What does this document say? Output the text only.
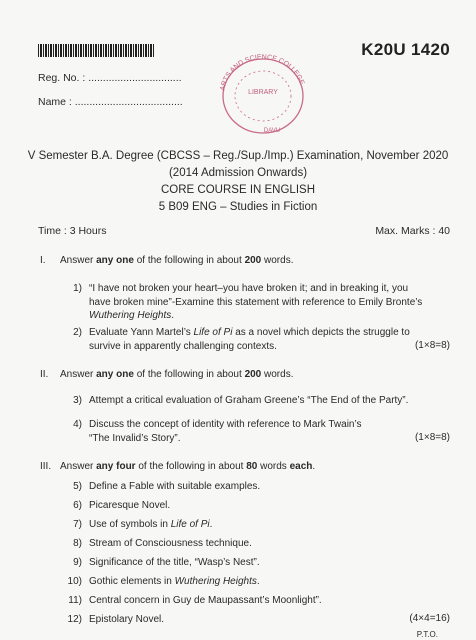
K20U 1420
Reg. No. : ................................
Name : .....................................
ARTS AND SCIENCE COLLEGE
LIBRARY
DAVU
V Semester B.A. Degree (CBCSS – Reg./Sup./Imp.) Examination, November 2020
(2014 Admission Onwards)
CORE COURSE IN ENGLISH
5 B09 ENG – Studies in Fiction
Time : 3 Hours	Max. Marks : 40
I. Answer any one of the following in about 200 words.
1) “I have not broken your heart–you have broken it; and in breaking it, you
have broken mine”-Examine this statement with reference to Emily Bronte’s
Wuthering Heights.
2) Evaluate Yann Martel’s Life of Pi as a novel which depicts the struggle to
survive in apparently challenging contexts.	(1×8=8)
II. Answer any one of the following in about 200 words.
3) Attempt a critical evaluation of Graham Greene’s “The End of the Party”.
4) Discuss the concept of identity with reference to Mark Twain’s
“The Invalid’s Story”.	(1×8=8)
III. Answer any four of the following in about 80 words each.
5) Define a Fable with suitable examples.
6) Picaresque Novel.
7) Use of symbols in Life of Pi.
8) Stream of Consciousness technique.
9) Significance of the title, “Wasp’s Nest”.
10) Gothic elements in Wuthering Heights.
11) Central concern in Guy de Maupassant’s Moonlight”.
12) Epistolary Novel.	(4×4=16)
P.T.O.
